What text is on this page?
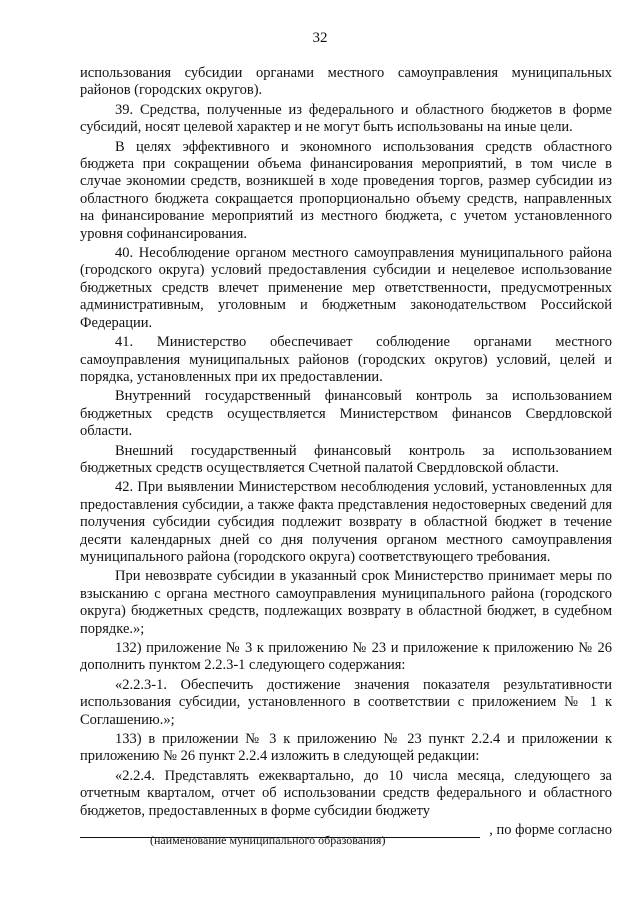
32

использования субсидии органами местного самоуправления муниципальных районов (городских округов).

39. Средства, полученные из федерального и областного бюджетов в форме субсидий, носят целевой характер и не могут быть использованы на иные цели.

В целях эффективного и экономного использования средств областного бюджета при сокращении объема финансирования мероприятий, в том числе в случае экономии средств, возникшей в ходе проведения торгов, размер субсидии из областного бюджета сокращается пропорционально объему средств, направленных на финансирование мероприятий из местного бюджета, с учетом установленного уровня софинансирования.

40. Несоблюдение органом местного самоуправления муниципального района (городского округа) условий предоставления субсидии и нецелевое использование бюджетных средств влечет применение мер ответственности, предусмотренных административным, уголовным и бюджетным законодательством Российской Федерации.

41. Министерство обеспечивает соблюдение органами местного самоуправления муниципальных районов (городских округов) условий, целей и порядка, установленных при их предоставлении.

Внутренний государственный финансовый контроль за использованием бюджетных средств осуществляется Министерством финансов Свердловской области.

Внешний государственный финансовый контроль за использованием бюджетных средств осуществляется Счетной палатой Свердловской области.

42. При выявлении Министерством несоблюдения условий, установленных для предоставления субсидии, а также факта представления недостоверных сведений для получения субсидии субсидия подлежит возврату в областной бюджет в течение десяти календарных дней со дня получения органом местного самоуправления муниципального района (городского округа) соответствующего требования.

При невозврате субсидии в указанный срок Министерство принимает меры по взысканию с органа местного самоуправления муниципального района (городского округа) бюджетных средств, подлежащих возврату в областной бюджет, в судебном порядке.»;

132) приложение № 3 к приложению № 23 и приложение к приложению № 26 дополнить пунктом 2.2.3-1 следующего содержания:

«2.2.3-1. Обеспечить достижение значения показателя результативности использования субсидии, установленного в соответствии с приложением № 1 к Соглашению.»;

133) в приложении № 3 к приложению № 23 пункт 2.2.4 и приложении к приложению № 26 пункт 2.2.4 изложить в следующей редакции:

«2.2.4. Представлять ежеквартально, до 10 числа месяца, следующего за отчетным кварталом, отчет об использовании средств федерального и областного бюджетов, предоставленных в форме субсидии бюджету

, по форме согласно
(наименование муниципального образования)
